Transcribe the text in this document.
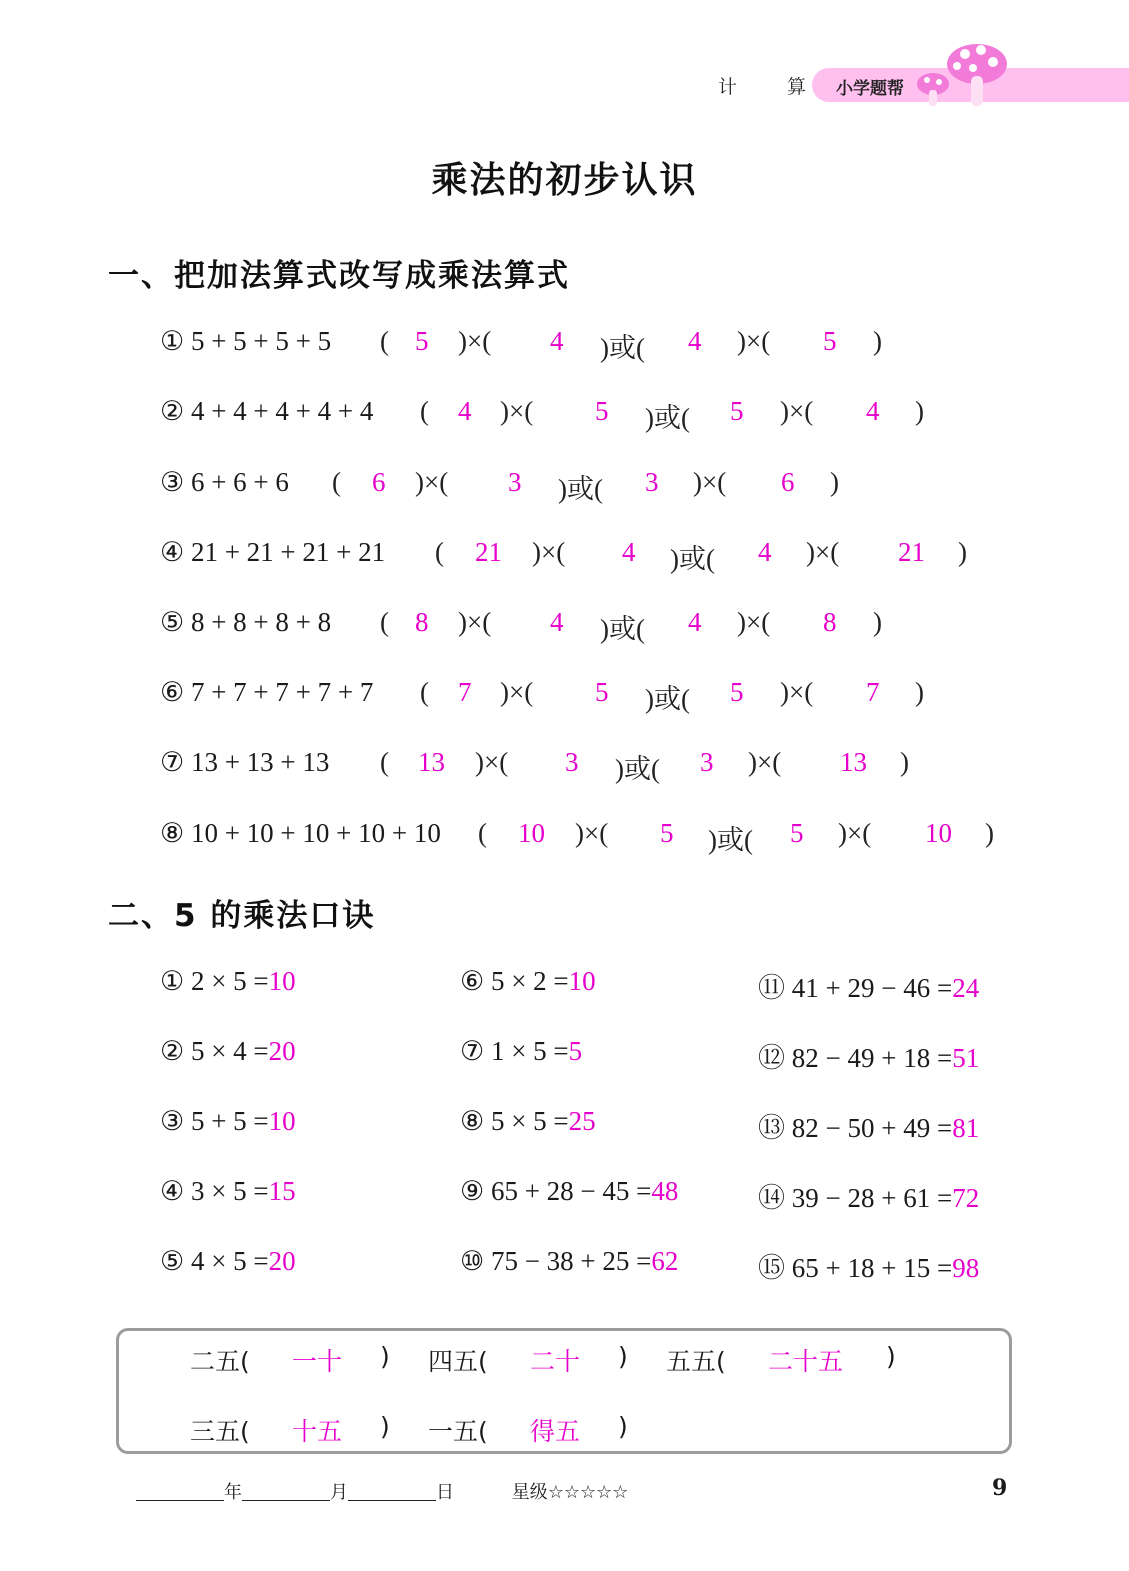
计 算 小学题帮
乘法的初步认识
一、把加法算式改写成乘法算式
① 5 + 5 + 5 + 5 ( 5 )×( 4 )或( 4 )×( 5 )
② 4 + 4 + 4 + 4 + 4 ( 4 )×( 5 )或( 5 )×( 4 )
③ 6 + 6 + 6 ( 6 )×( 3 )或( 3 )×( 6 )
④ 21 + 21 + 21 + 21 ( 21 )×( 4 )或( 4 )×( 21 )
⑤ 8 + 8 + 8 + 8 ( 8 )×( 4 )或( 4 )×( 8 )
⑥ 7 + 7 + 7 + 7 + 7 ( 7 )×( 5 )或( 5 )×( 7 )
⑦ 13 + 13 + 13 ( 13 )×( 3 )或( 3 )×( 13 )
⑧ 10 + 10 + 10 + 10 + 10 ( 10 )×( 5 )或( 5 )×( 10 )
二、5 的乘法口诀
① 2 × 5 =10
② 5 × 4 =20
③ 5 + 5 =10
④ 3 × 5 =15
⑤ 4 × 5 =20
⑥ 5 × 2 =10
⑦ 1 × 5 =5
⑧ 5 × 5 =25
⑨ 65 + 28 − 45 =48
⑩ 75 − 38 + 25 =62
⑪ 41 + 29 − 46 =24
⑫ 82 − 49 + 18 =51
⑬ 82 − 50 + 49 =81
⑭ 39 − 28 + 61 =72
⑮ 65 + 18 + 15 =98
二五( 一十 ) 四五( 二十 ) 五五( 二十五 )
三五( 十五 ) 一五( 得五 )
年	月	日	星级☆☆☆☆☆	9
